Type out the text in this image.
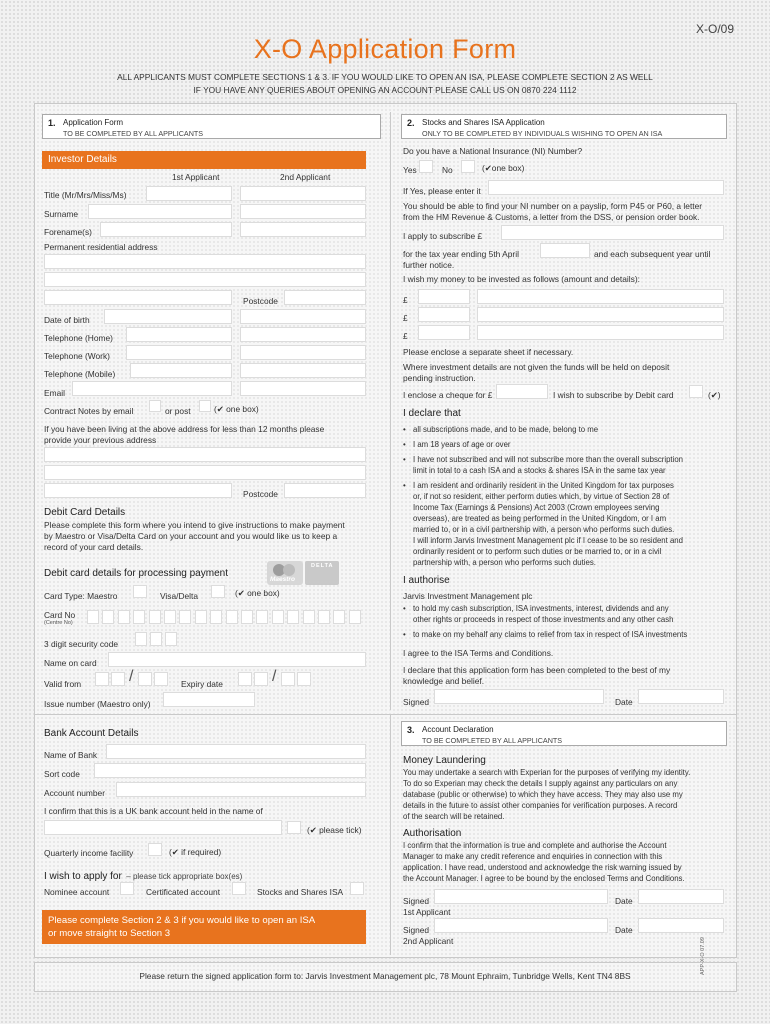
X-O/09
X-O Application Form
ALL APPLICANTS MUST COMPLETE SECTIONS 1 & 3. IF YOU WOULD LIKE TO OPEN AN ISA, PLEASE COMPLETE SECTION 2 AS WELL
IF YOU HAVE ANY QUERIES ABOUT OPENING AN ACCOUNT PLEASE CALL US ON 0870 224 1112
1. Application Form
TO BE COMPLETED BY ALL APPLICANTS
Investor Details
1st Applicant	2nd Applicant
Title (Mr/Mrs/Miss/Ms)
Surname
Forename(s)
Permanent residential address
Postcode
Date of birth
Telephone (Home)
Telephone (Work)
Telephone (Mobile)
Email
Contract Notes by email	or post	(✔ one box)
If you have been living at the above address for less than 12 months please
provide your previous address
Postcode
Debit Card Details
Please complete this form where you intend to give instructions to make payment
by Maestro or Visa/Delta Card on your account and you would like us to keep a
record of your card details.
Debit card details for processing payment
Maestro
DELTA
Card Type: Maestro	Visa/Delta	(✔ one box)
Card No
(Centre No)
3 digit security code
Name on card
Valid from	/	Expiry date	/
Issue number (Maestro only)
Bank Account Details
Name of Bank
Sort code
Account number
I confirm that this is a UK bank account held in the name of
(✔ please tick)
Quarterly income facility	(✔ if required)
I wish to apply for – please tick appropriate box(es)
Nominee account	Certificated account	Stocks and Shares ISA
Please complete Section 2 & 3 if you would like to open an ISA
or move straight to Section 3
2. Stocks and Shares ISA Application
ONLY TO BE COMPLETED BY INDIVIDUALS WISHING TO OPEN AN ISA
Do you have a National Insurance (NI) Number?
Yes	No	(✔one box)
If Yes, please enter it
You should be able to find your NI number on a payslip, form P45 or P60, a letter
from the HM Revenue & Customs, a letter from the DSS, or pension order book.
I apply to subscribe £
for the tax year ending 5th April	and each subsequent year until
further notice.
I wish my money to be invested as follows (amount and details):
£
£
£
Please enclose a separate sheet if necessary.
Where investment details are not given the funds will be held on deposit
pending instruction.
I enclose a cheque for £	I wish to subscribe by Debit card	(✔)
I declare that
• all subscriptions made, and to be made, belong to me
• I am 18 years of age or over
• I have not subscribed and will not subscribe more than the overall subscription
limit in total to a cash ISA and a stocks & shares ISA in the same tax year
• I am resident and ordinarily resident in the United Kingdom for tax purposes
or, if not so resident, either perform duties which, by virtue of Section 28 of
Income Tax (Earnings & Pensions) Act 2003 (Crown employees serving
overseas), are treated as being performed in the United Kingdom, or I am
married to, or in a civil partnership with, a person who performs such duties.
I will inform Jarvis Investment Management plc if I cease to be so resident and
ordinarily resident or to perform such duties or be married to, or in a civil
partnership with, a person who performs such duties.
I authorise
Jarvis Investment Management plc
• to hold my cash subscription, ISA investments, interest, dividends and any
other rights or proceeds in respect of those investments and any other cash
• to make on my behalf any claims to relief from tax in respect of ISA investments
I agree to the ISA Terms and Conditions.
I declare that this application form has been completed to the best of my
knowledge and belief.
Signed	Date
3. Account Declaration
TO BE COMPLETED BY ALL APPLICANTS
Money Laundering
You may undertake a search with Experian for the purposes of verifying my identity.
To do so Experian may check the details I supply against any particulars on any
database (public or otherwise) to which they have access. They may also use my
details in the future to assist other companies for verification purposes. A record
of the search will be retained.
Authorisation
I confirm that the information is true and complete and authorise the Account
Manager to make any credit reference and enquiries in connection with this
application. I have read, understood and acknowledge the risk warning issued by
the Account Manager. I agree to be bound by the enclosed Terms and Conditions.
Signed	Date
1st Applicant
Signed	Date
2nd Applicant
Please return the signed application form to: Jarvis Investment Management plc, 78 Mount Ephraim, Tunbridge Wells, Kent TN4 8BS
APP-X-O 07.09
